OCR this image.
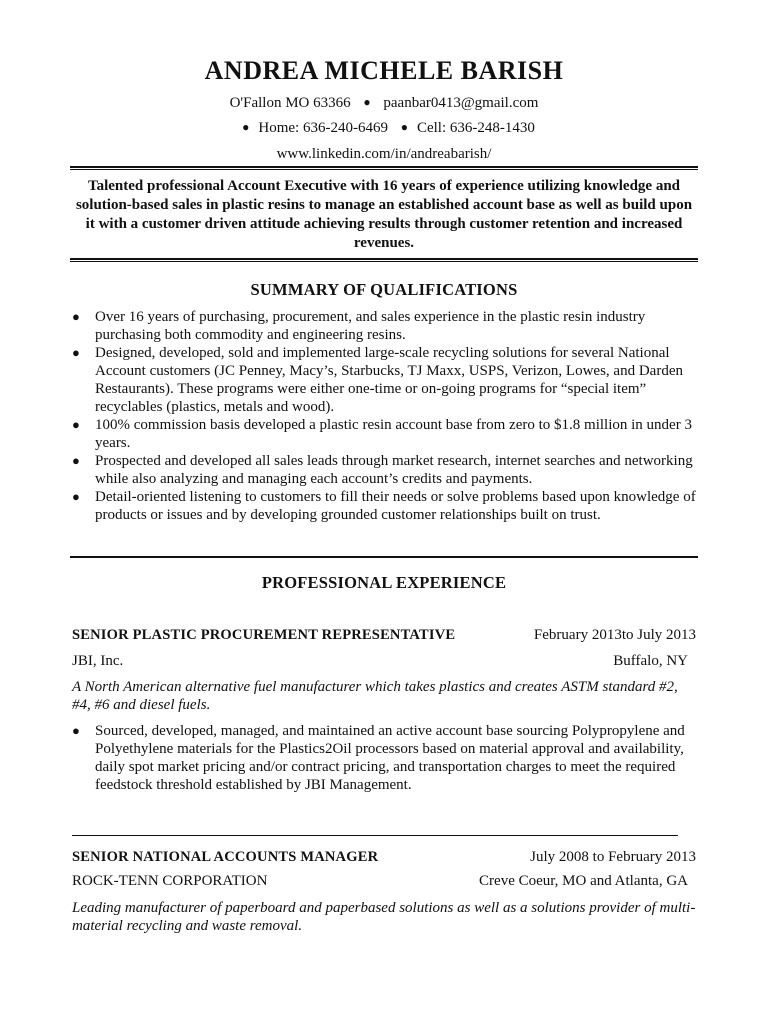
ANDREA MICHELE BARISH
O'Fallon MO 63366 ● paanbar0413@gmail.com
● Home: 636-240-6469 ● Cell: 636-248-1430
www.linkedin.com/in/andreabarish/
Talented professional Account Executive with 16 years of experience utilizing knowledge and solution-based sales in plastic resins to manage an established account base as well as build upon it with a customer driven attitude achieving results through customer retention and increased revenues.
SUMMARY OF QUALIFICATIONS
● Over 16 years of purchasing, procurement, and sales experience in the plastic resin industry purchasing both commodity and engineering resins.
● Designed, developed, sold and implemented large-scale recycling solutions for several National Account customers (JC Penney, Macy’s, Starbucks, TJ Maxx, USPS, Verizon, Lowes, and Darden Restaurants). These programs were either one-time or on-going programs for “special item” recyclables (plastics, metals and wood).
● 100% commission basis developed a plastic resin account base from zero to $1.8 million in under 3 years.
● Prospected and developed all sales leads through market research, internet searches and networking while also analyzing and managing each account’s credits and payments.
● Detail-oriented listening to customers to fill their needs or solve problems based upon knowledge of products or issues and by developing grounded customer relationships built on trust.
PROFESSIONAL EXPERIENCE
SENIOR PLASTIC PROCUREMENT REPRESENTATIVE	February 2013to July 2013
JBI, Inc.	Buffalo, NY
A North American alternative fuel manufacturer which takes plastics and creates ASTM standard #2, #4, #6 and diesel fuels.
● Sourced, developed, managed, and maintained an active account base sourcing Polypropylene and Polyethylene materials for the Plastics2Oil processors based on material approval and availability, daily spot market pricing and/or contract pricing, and transportation charges to meet the required feedstock threshold established by JBI Management.
SENIOR NATIONAL ACCOUNTS MANAGER	July 2008 to February 2013
ROCK-TENN CORPORATION	Creve Coeur, MO and Atlanta, GA
Leading manufacturer of paperboard and paperbased solutions as well as a solutions provider of multi-material recycling and waste removal.
